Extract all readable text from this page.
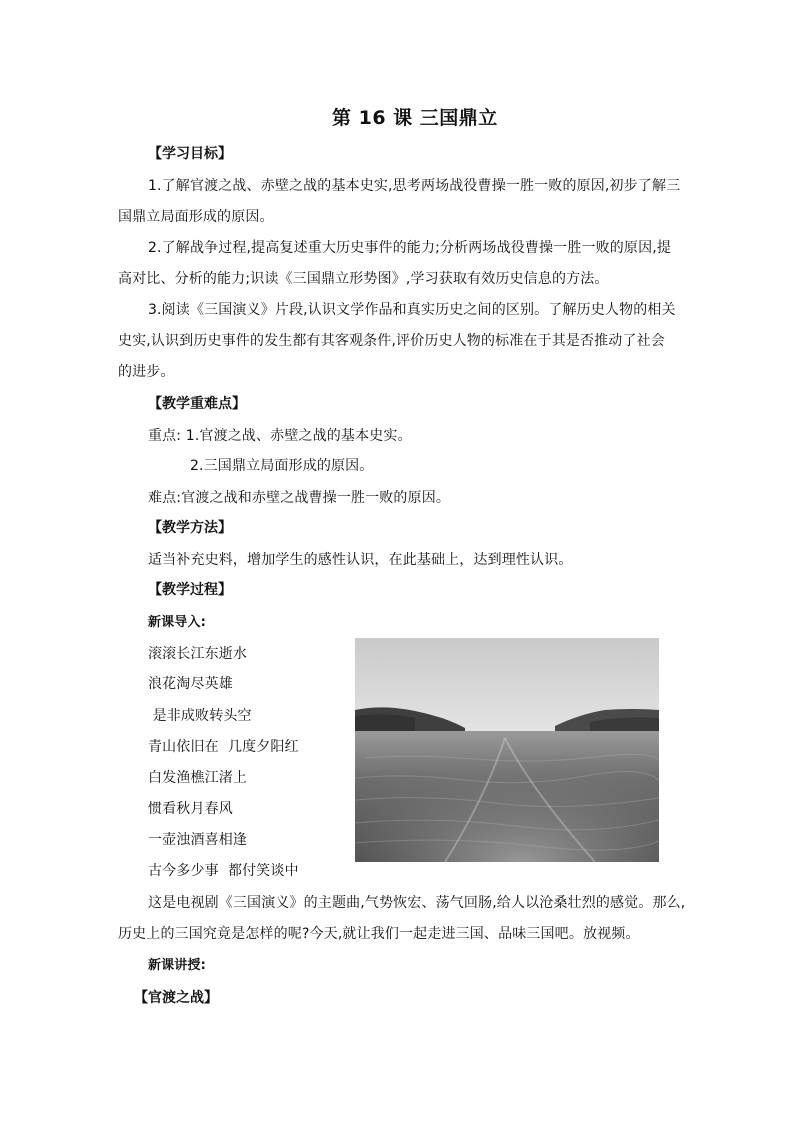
第 16 课 三国鼎立
【学习目标】
1.了解官渡之战、赤壁之战的基本史实,思考两场战役曹操一胜一败的原因,初步了解三
国鼎立局面形成的原因。
2.了解战争过程,提高复述重大历史事件的能力;分析两场战役曹操一胜一败的原因,提
高对比、分析的能力;识读《三国鼎立形势图》,学习获取有效历史信息的方法。
3.阅读《三国演义》片段,认识文学作品和真实历史之间的区别。了解历史人物的相关
史实,认识到历史事件的发生都有其客观条件,评价历史人物的标准在于其是否推动了社会
的进步。
【教学重难点】
重点: 1.官渡之战、赤壁之战的基本史实。
2.三国鼎立局面形成的原因。
难点:官渡之战和赤壁之战曹操一胜一败的原因。
【教学方法】
适当补充史料，增加学生的感性认识，在此基础上，达到理性认识。
【教学过程】
新课导入:
滚滚长江东逝水
浪花淘尽英雄
是非成败转头空
青山依旧在  几度夕阳红
白发渔樵江渚上
惯看秋月春风
一壶浊酒喜相逢
古今多少事  都付笑谈中
这是电视剧《三国演义》的主题曲,气势恢宏、荡气回肠,给人以沧桑壮烈的感觉。那么,
历史上的三国究竟是怎样的呢?今天,就让我们一起走进三国、品味三国吧。放视频。
新课讲授:
【官渡之战】
